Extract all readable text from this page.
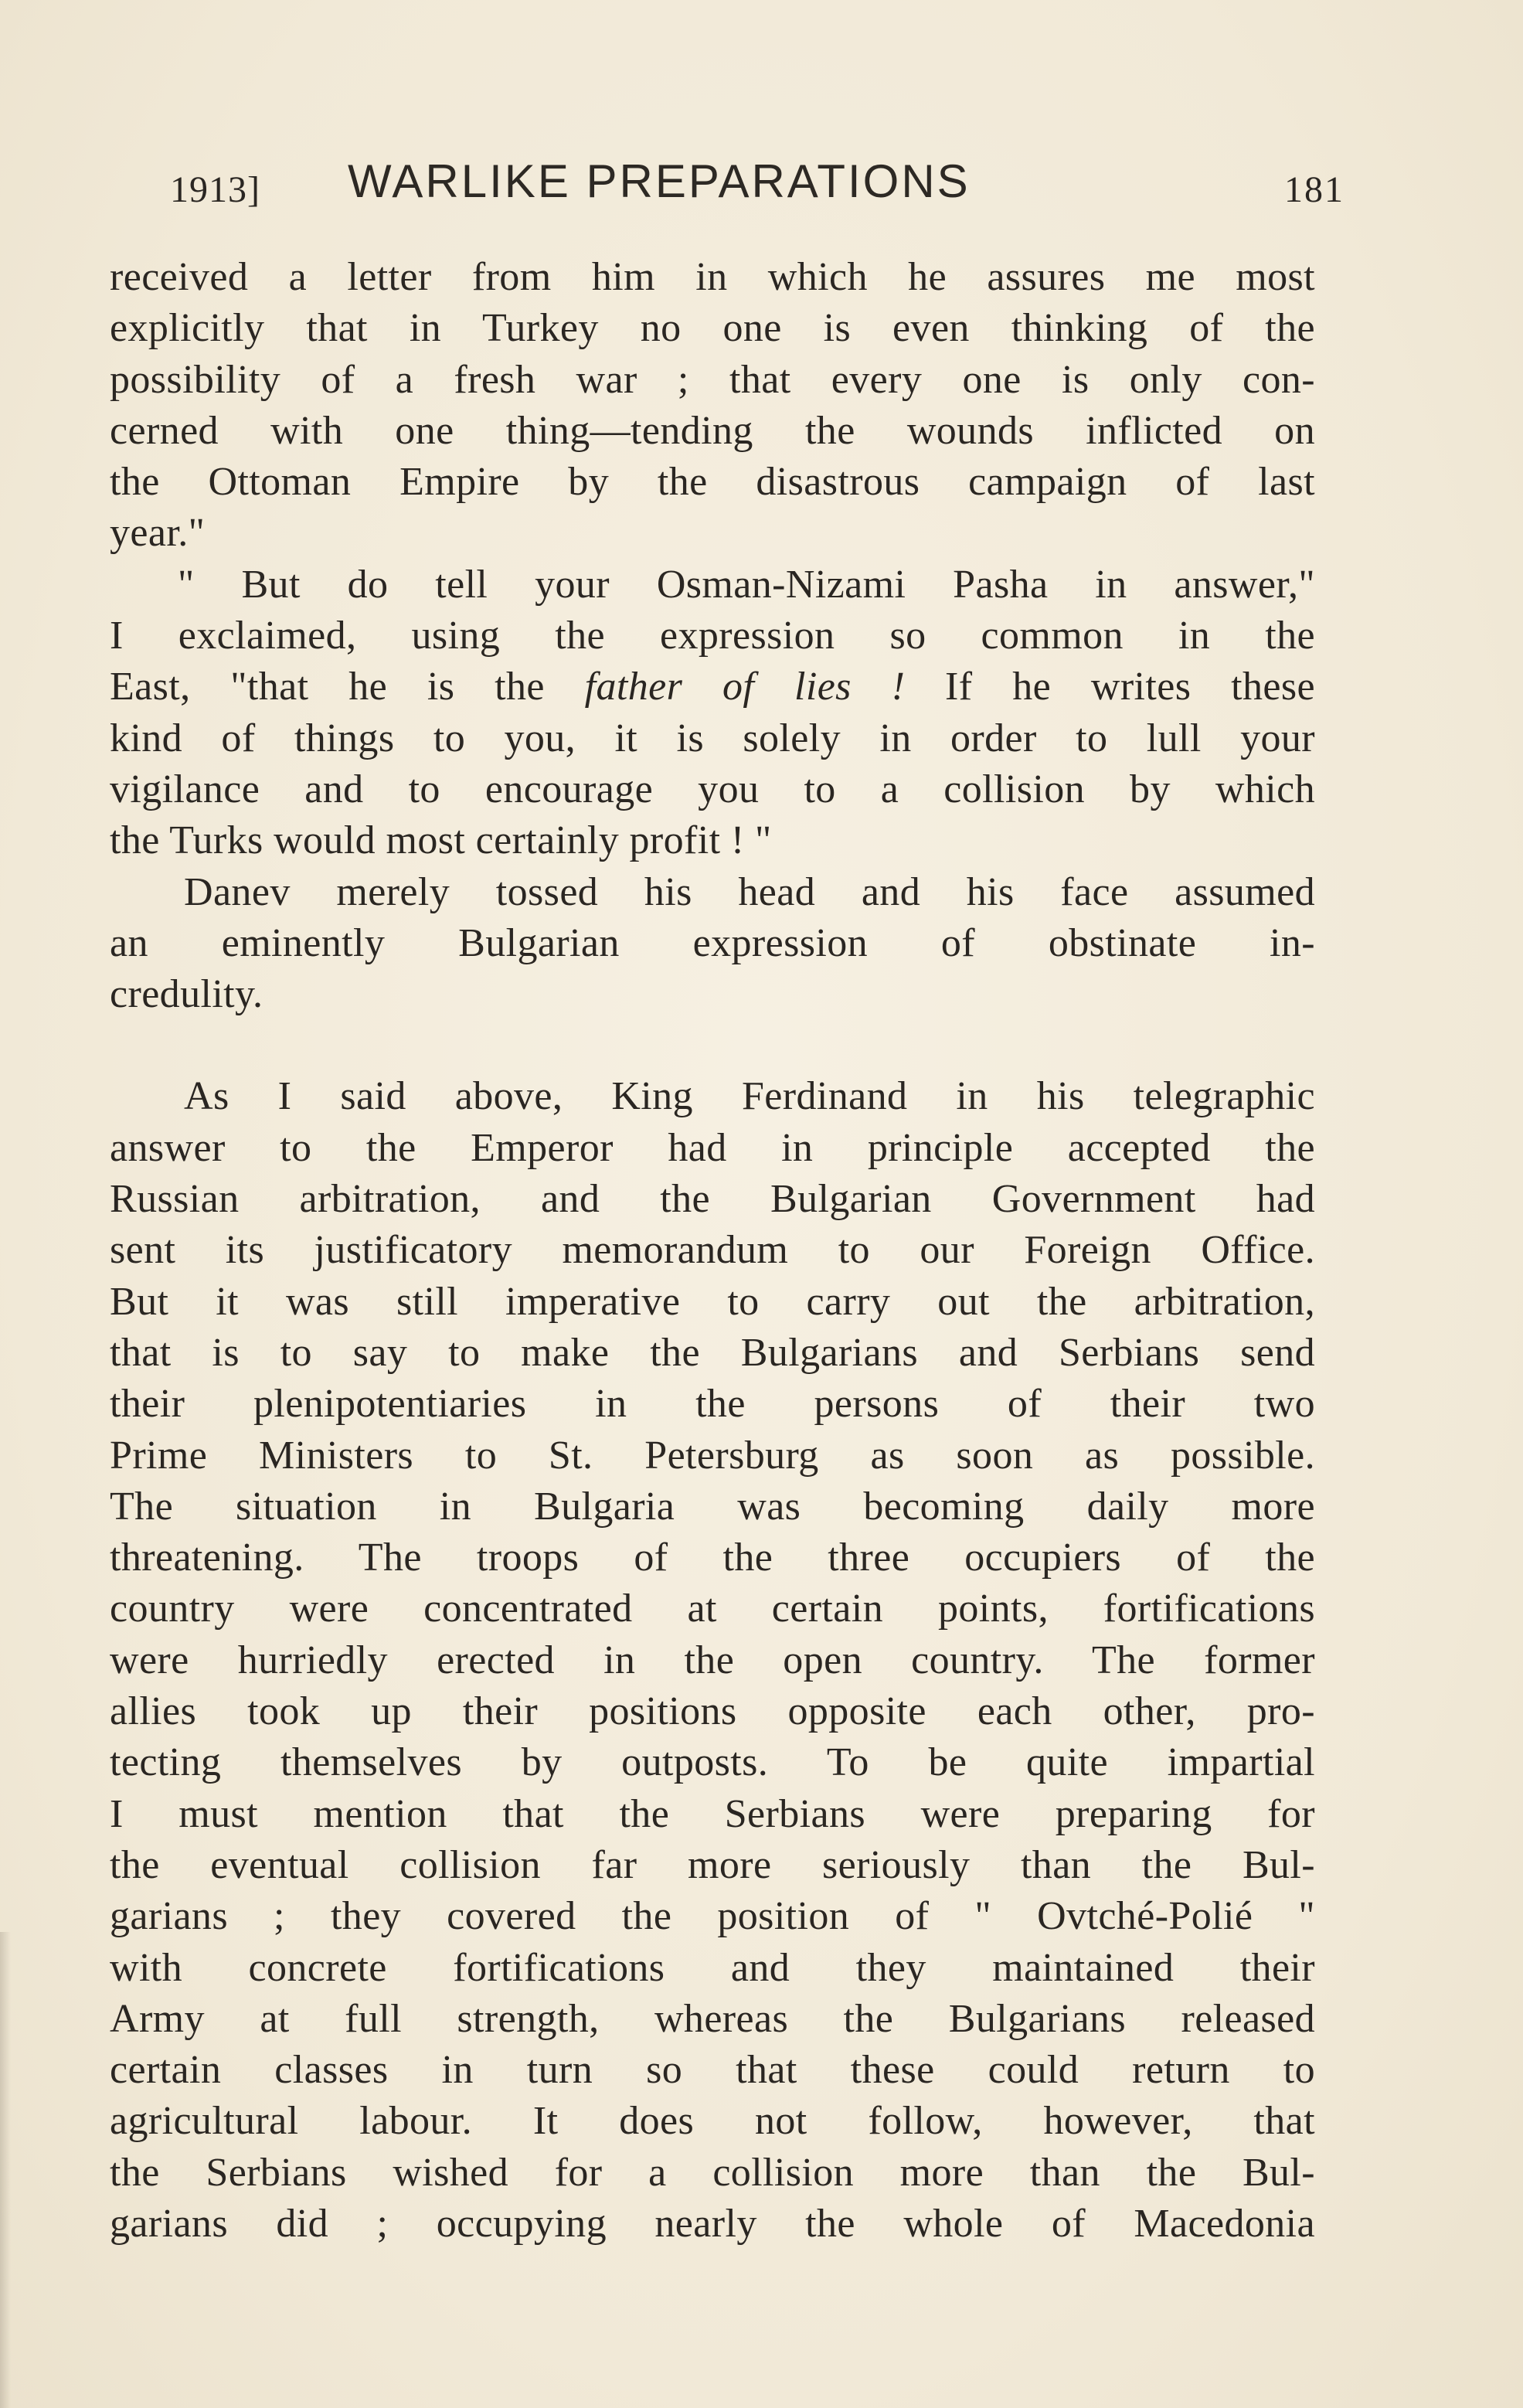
1913] WARLIKE PREPARATIONS	181
received a letter from him in which he assures me most
explicitly that in Turkey no one is even thinking of the
possibility of a fresh war ; that every one is only con-
cerned with one thing—tending the wounds inflicted on
the Ottoman Empire by the disastrous campaign of last
year."
" But do tell your Osman-Nizami Pasha in answer,"
I exclaimed, using the expression so common in the
East, "that he is the father of lies ! If he writes these
kind of things to you, it is solely in order to lull your
vigilance and to encourage you to a collision by which
the Turks would most certainly profit ! "
Danev merely tossed his head and his face assumed
an eminently Bulgarian expression of obstinate in-
credulity.
As I said above, King Ferdinand in his telegraphic
answer to the Emperor had in principle accepted the
Russian arbitration, and the Bulgarian Government had
sent its justificatory memorandum to our Foreign Office.
But it was still imperative to carry out the arbitration,
that is to say to make the Bulgarians and Serbians send
their plenipotentiaries in the persons of their two
Prime Ministers to St. Petersburg as soon as possible.
The situation in Bulgaria was becoming daily more
threatening. The troops of the three occupiers of the
country were concentrated at certain points, fortifications
were hurriedly erected in the open country. The former
allies took up their positions opposite each other, pro-
tecting themselves by outposts. To be quite impartial
I must mention that the Serbians were preparing for
the eventual collision far more seriously than the Bul-
garians ; they covered the position of " Ovtché-Polié "
with concrete fortifications and they maintained their
Army at full strength, whereas the Bulgarians released
certain classes in turn so that these could return to
agricultural labour. It does not follow, however, that
the Serbians wished for a collision more than the Bul-
garians did ; occupying nearly the whole of Macedonia
